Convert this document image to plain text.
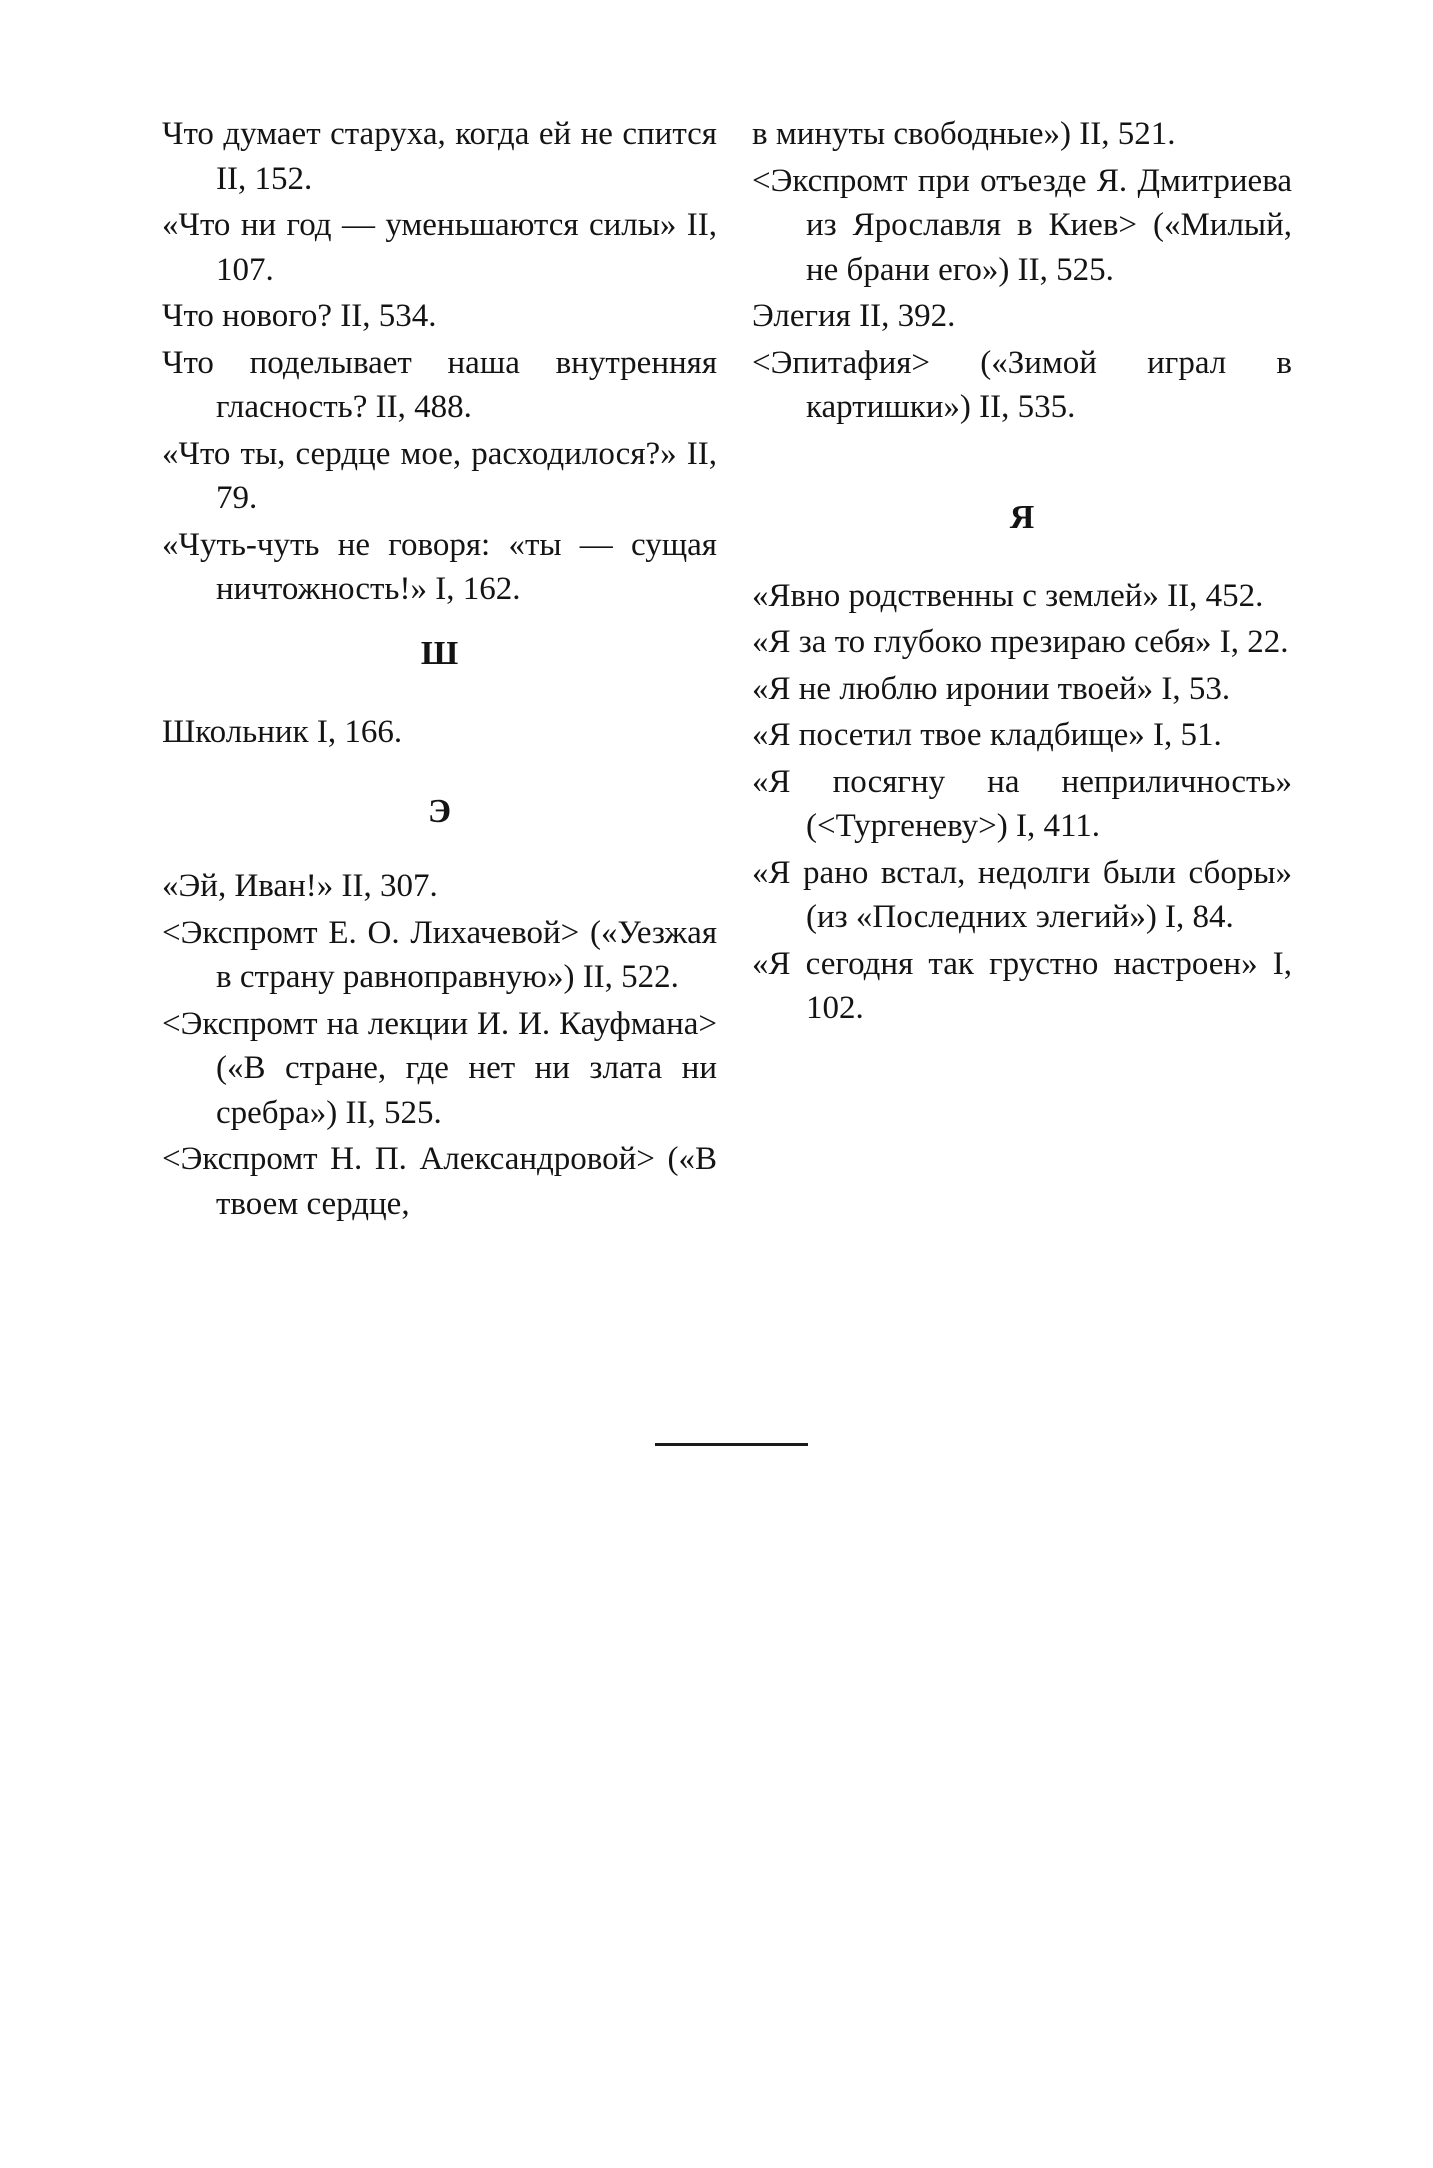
Что думает старуха, когда ей не спится II, 152.
«Что ни год — уменьшаются силы» II, 107.
Что нового? II, 534.
Что поделывает наша внутренняя гласность? II, 488.
«Что ты, сердце мое, расходилося?» II, 79.
«Чуть-чуть не говоря: «ты — сущая ничтожность!» I, 162.
Ш
Школьник I, 166.
Э
«Эй, Иван!» II, 307.
<Экспромт Е. О. Лихачевой> («Уезжая в страну равноправную») II, 522.
<Экспромт на лекции И. И. Кауфмана> («В стране, где нет ни злата ни сребра») II, 525.
<Экспромт Н. П. Александровой> («В твоем сердце,
в минуты свободные») II, 521.
<Экспромт при отъезде Я. Дмитриева из Ярославля в Киев> («Милый, не брани его») II, 525.
Элегия II, 392.
<Эпитафия> («Зимой играл в картишки») II, 535.
Я
«Явно родственны с землей» II, 452.
«Я за то глубоко презираю себя» I, 22.
«Я не люблю иронии твоей» I, 53.
«Я посетил твое кладбище» I, 51.
«Я посягну на неприличность» (<Тургеневу>) I, 411.
«Я рано встал, недолги были сборы» (из «Последних элегий») I, 84.
«Я сегодня так грустно настроен» I, 102.
